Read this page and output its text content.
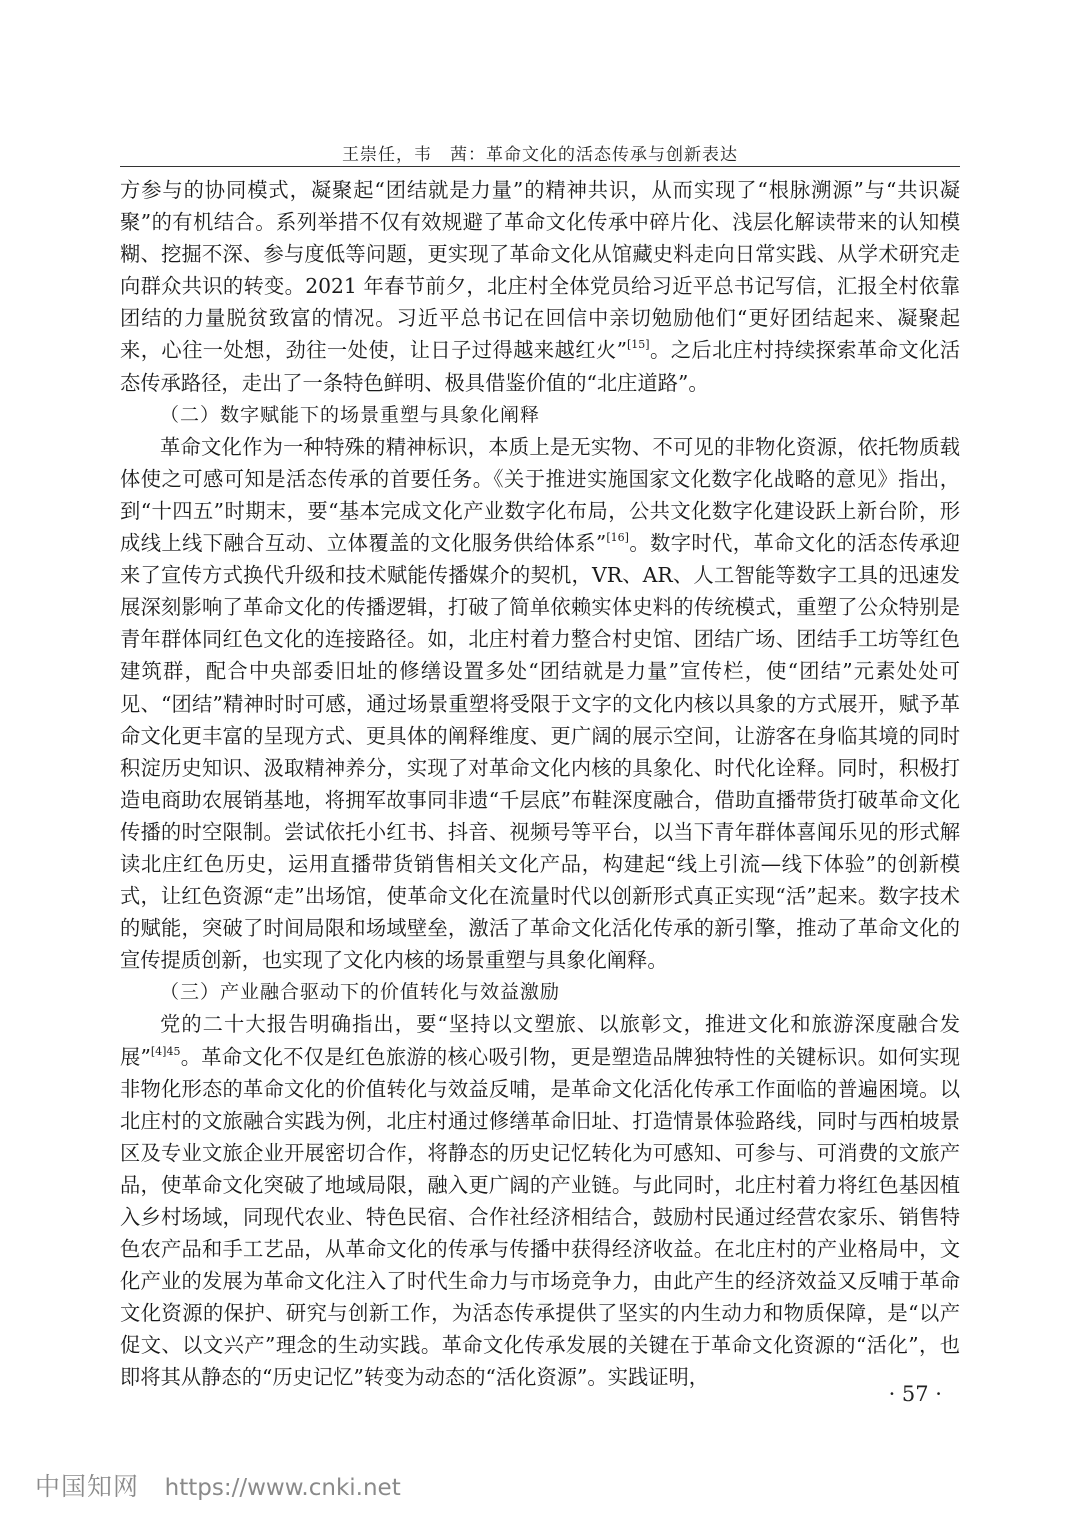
王崇任，韦　茜：革命文化的活态传承与创新表达

方参与的协同模式，凝聚起“团结就是力量”的精神共识，从而实现了“根脉溯源”与“共识凝聚”的有机结合。系列举措不仅有效规避了革命文化传承中碎片化、浅层化解读带来的认知模糊、挖掘不深、参与度低等问题，更实现了革命文化从馆藏史料走向日常实践、从学术研究走向群众共识的转变。2021 年春节前夕，北庄村全体党员给习近平总书记写信，汇报全村依靠团结的力量脱贫致富的情况。习近平总书记在回信中亲切勉励他们“更好团结起来、凝聚起来，心往一处想，劲往一处使，让日子过得越来越红火”[15]。之后北庄村持续探索革命文化活态传承路径，走出了一条特色鲜明、极具借鉴价值的“北庄道路”。

（二）数字赋能下的场景重塑与具象化阐释

革命文化作为一种特殊的精神标识，本质上是无实物、不可见的非物化资源，依托物质载体使之可感可知是活态传承的首要任务。《关于推进实施国家文化数字化战略的意见》指出，到“十四五”时期末，要“基本完成文化产业数字化布局，公共文化数字化建设跃上新台阶，形成线上线下融合互动、立体覆盖的文化服务供给体系”[16]。数字时代，革命文化的活态传承迎来了宣传方式换代升级和技术赋能传播媒介的契机，VR、AR、人工智能等数字工具的迅速发展深刻影响了革命文化的传播逻辑，打破了简单依赖实体史料的传统模式，重塑了公众特别是青年群体同红色文化的连接路径。如，北庄村着力整合村史馆、团结广场、团结手工坊等红色建筑群，配合中央部委旧址的修缮设置多处“团结就是力量”宣传栏，使“团结”元素处处可见、“团结”精神时时可感，通过场景重塑将受限于文字的文化内核以具象的方式展开，赋予革命文化更丰富的呈现方式、更具体的阐释维度、更广阔的展示空间，让游客在身临其境的同时积淀历史知识、汲取精神养分，实现了对革命文化内核的具象化、时代化诠释。同时，积极打造电商助农展销基地，将拥军故事同非遗“千层底”布鞋深度融合，借助直播带货打破革命文化传播的时空限制。尝试依托小红书、抖音、视频号等平台，以当下青年群体喜闻乐见的形式解读北庄红色历史，运用直播带货销售相关文化产品，构建起“线上引流—线下体验”的创新模式，让红色资源“走”出场馆，使革命文化在流量时代以创新形式真正实现“活”起来。数字技术的赋能，突破了时间局限和场域壁垒，激活了革命文化活化传承的新引擎，推动了革命文化的宣传提质创新，也实现了文化内核的场景重塑与具象化阐释。

（三）产业融合驱动下的价值转化与效益激励

党的二十大报告明确指出，要“坚持以文塑旅、以旅彰文，推进文化和旅游深度融合发展”$^{[4]45}$。革命文化不仅是红色旅游的核心吸引物，更是塑造品牌独特性的关键标识。如何实现非物化形态的革命文化的价值转化与效益反哺，是革命文化活化传承工作面临的普遍困境。以北庄村的文旅融合实践为例，北庄村通过修缮革命旧址、打造情景体验路线，同时与西柏坡景区及专业文旅企业开展密切合作，将静态的历史记忆转化为可感知、可参与、可消费的文旅产品，使革命文化突破了地域局限，融入更广阔的产业链。与此同时，北庄村着力将红色基因植入乡村场域，同现代农业、特色民宿、合作社经济相结合，鼓励村民通过经营农家乐、销售特色农产品和手工艺品，从革命文化的传承与传播中获得经济收益。在北庄村的产业格局中，文化产业的发展为革命文化注入了时代生命力与市场竞争力，由此产生的经济效益又反哺于革命文化资源的保护、研究与创新工作，为活态传承提供了坚实的内生动力和物质保障，是“以产促文、以文兴产”理念的生动实践。革命文化传承发展的关键在于革命文化资源的“活化”，也即将其从静态的“历史记忆”转变为动态的“活化资源”。实践证明，

· 57 ·
中国知网 https://www.cnki.net
